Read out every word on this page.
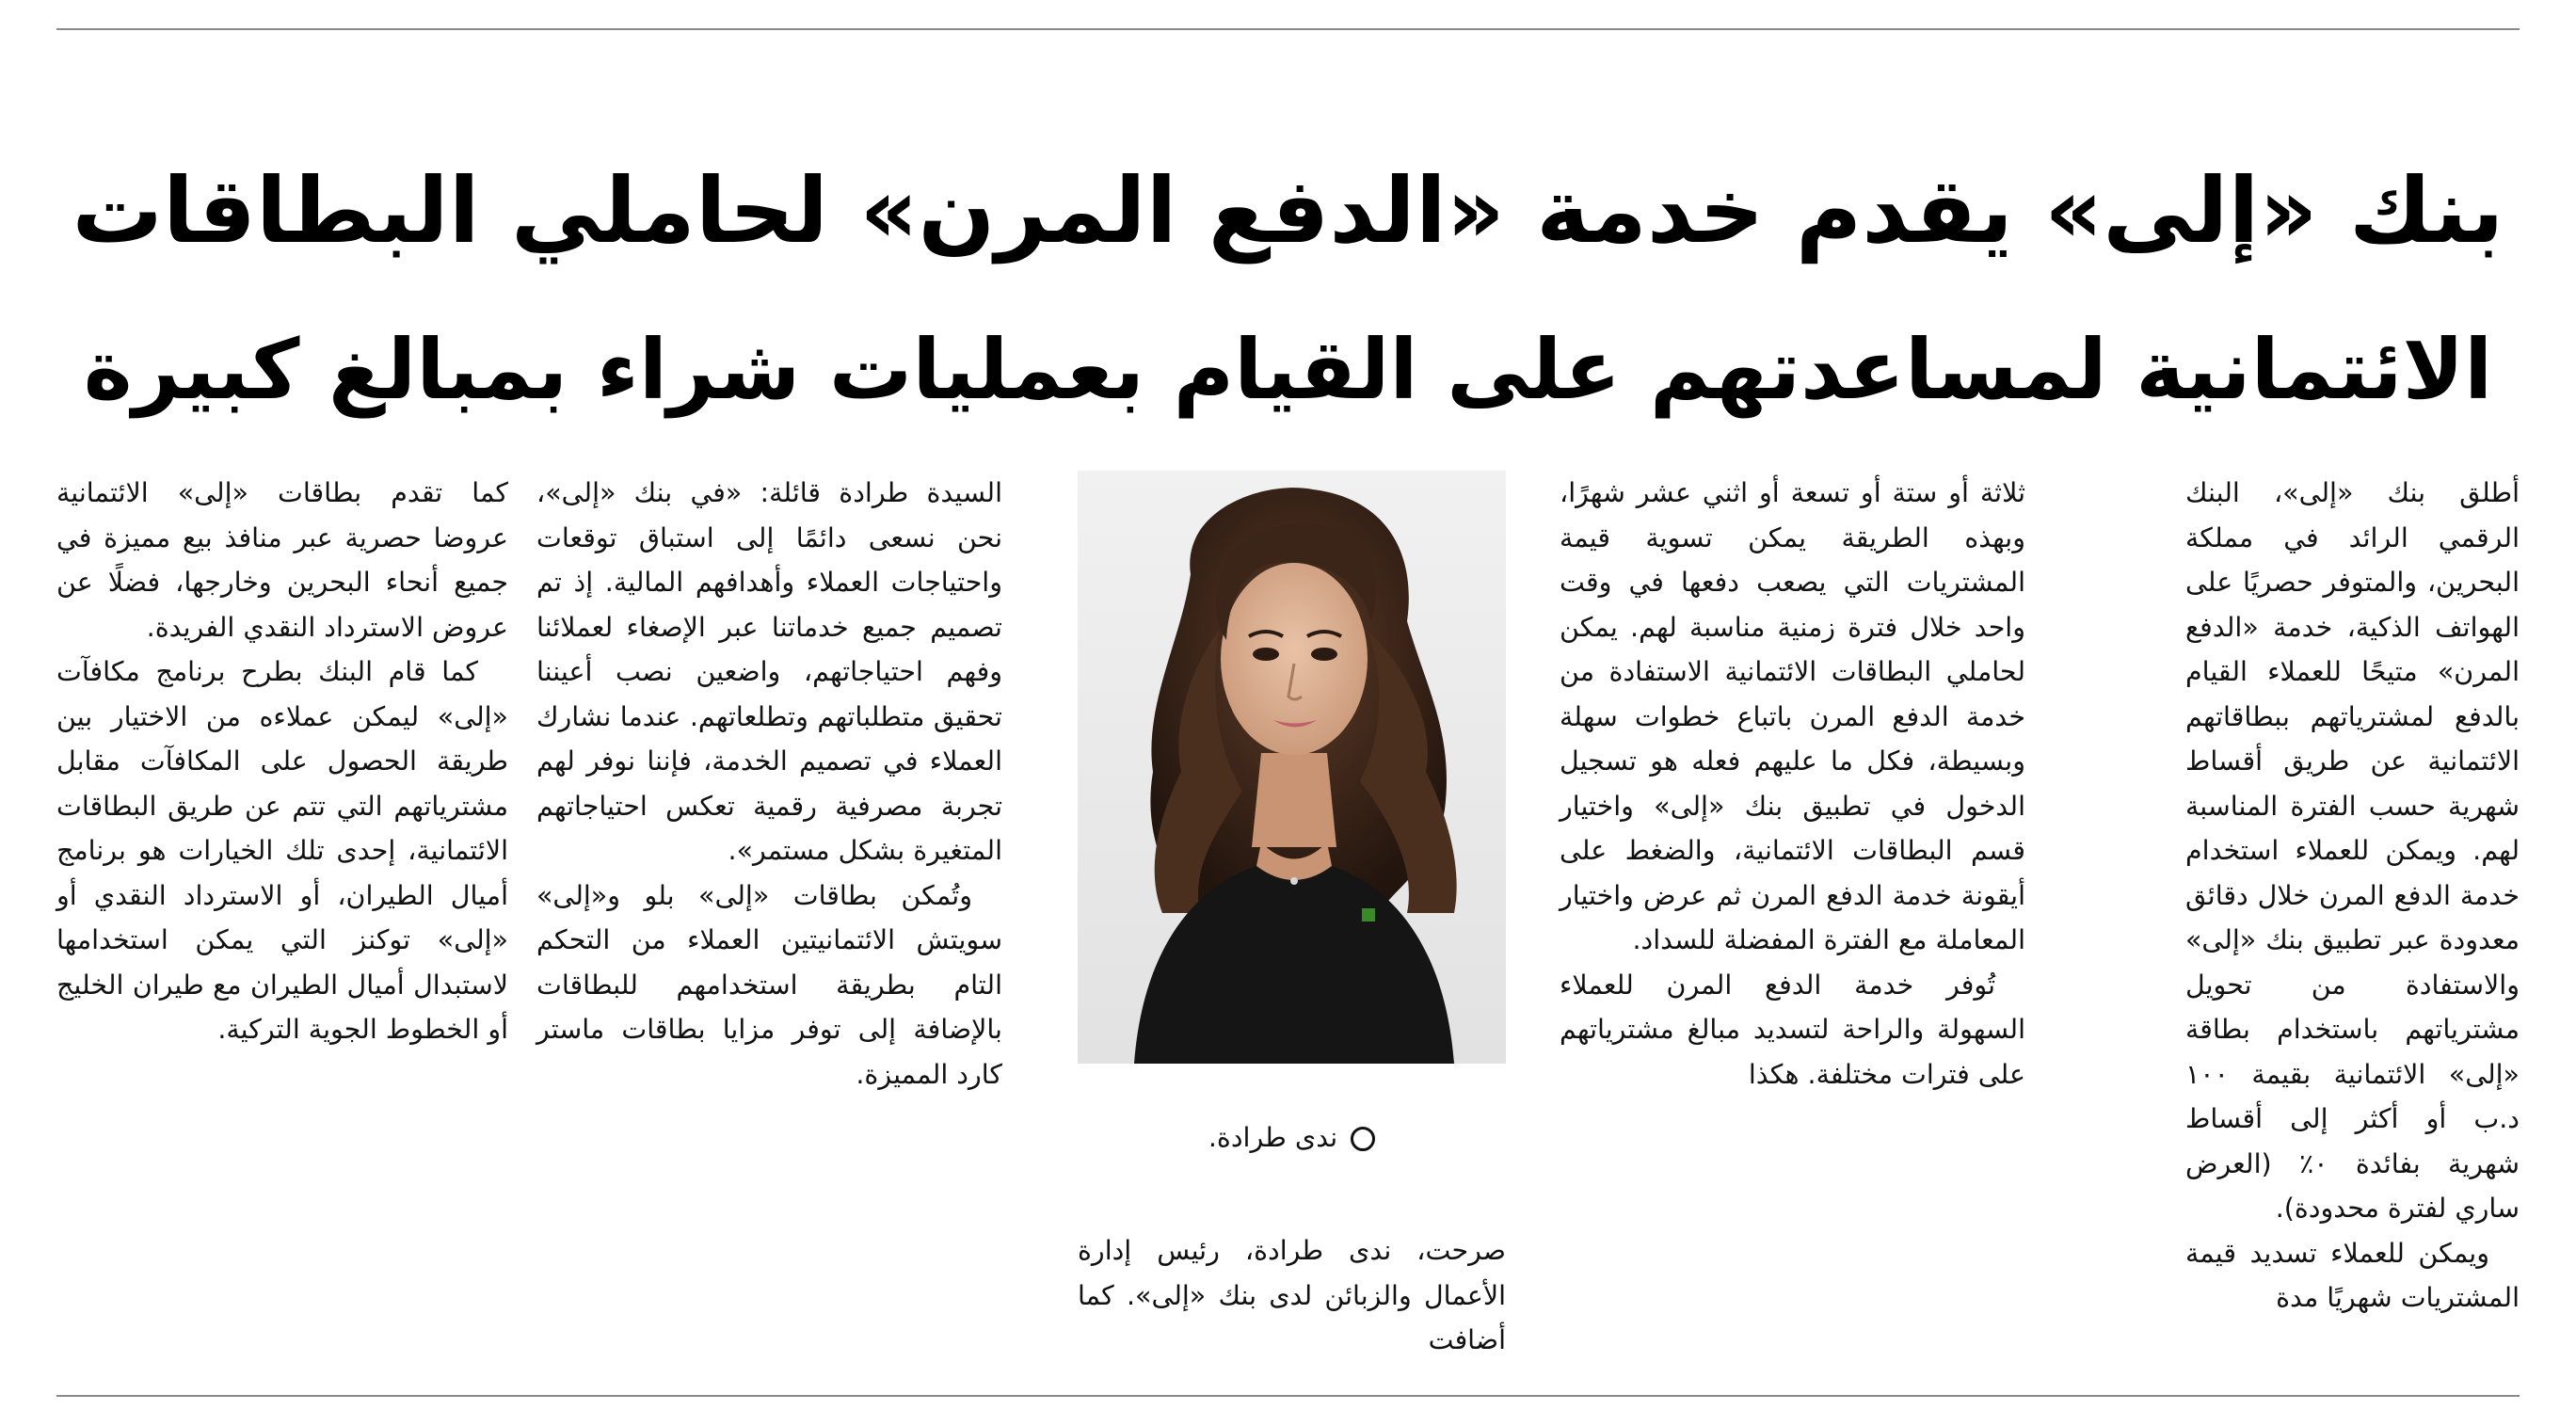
بنك «إلى» يقدم خدمة «الدفع المرن» لحاملي البطاقات
الائتمانية لمساعدتهم على القيام بعمليات شراء بمبالغ كبيرة

أطلق بنك «إلى»، البنك الرقمي الرائد في مملكة البحرين، والمتوفر حصريًا على الهواتف الذكية، خدمة «الدفع المرن» متيحًا للعملاء القيام بالدفع لمشترياتهم ببطاقاتهم الائتمانية عن طريق أقساط شهرية حسب الفترة المناسبة لهم. ويمكن للعملاء استخدام خدمة الدفع المرن خلال دقائق معدودة عبر تطبيق بنك «إلى» والاستفادة من تحويل مشترياتهم باستخدام بطاقة «إلى» الائتمانية بقيمة ١٠٠ د.ب أو أكثر إلى أقساط شهرية بفائدة ٠٪ (العرض ساري لفترة محدودة).

ويمكن للعملاء تسديد قيمة المشتريات شهريًا مدة

ثلاثة أو ستة أو تسعة أو اثني عشر شهرًا، وبهذه الطريقة يمكن تسوية قيمة المشتريات التي يصعب دفعها في وقت واحد خلال فترة زمنية مناسبة لهم. يمكن لحاملي البطاقات الائتمانية الاستفادة من خدمة الدفع المرن باتباع خطوات سهلة وبسيطة، فكل ما عليهم فعله هو تسجيل الدخول في تطبيق بنك «إلى» واختيار قسم البطاقات الائتمانية، والضغط على أيقونة خدمة الدفع المرن ثم عرض واختيار المعاملة مع الفترة المفضلة للسداد.

تُوفر خدمة الدفع المرن للعملاء السهولة والراحة لتسديد مبالغ مشترياتهم على فترات مختلفة. هكذا

ندى طرادة.
صرحت، ندى طرادة، رئيس إدارة الأعمال والزبائن لدى بنك «إلى». كما أضافت

السيدة طرادة قائلة: «في بنك «إلى»، نحن نسعى دائمًا إلى استباق توقعات واحتياجات العملاء وأهدافهم المالية. إذ تم تصميم جميع خدماتنا عبر الإصغاء لعملائنا وفهم احتياجاتهم، واضعين نصب أعيننا تحقيق متطلباتهم وتطلعاتهم. عندما نشارك العملاء في تصميم الخدمة، فإننا نوفر لهم تجربة مصرفية رقمية تعكس احتياجاتهم المتغيرة بشكل مستمر».

وتُمكن بطاقات «إلى» بلو و«إلى» سويتش الائتمانيتين العملاء من التحكم التام بطريقة استخدامهم للبطاقات بالإضافة إلى توفر مزايا بطاقات ماستر كارد المميزة.

كما تقدم بطاقات «إلى» الائتمانية عروضا حصرية عبر منافذ بيع مميزة في جميع أنحاء البحرين وخارجها، فضلًا عن عروض الاسترداد النقدي الفريدة.

كما قام البنك بطرح برنامج مكافآت «إلى» ليمكن عملاءه من الاختيار بين طريقة الحصول على المكافآت مقابل مشترياتهم التي تتم عن طريق البطاقات الائتمانية، إحدى تلك الخيارات هو برنامج أميال الطيران، أو الاسترداد النقدي أو «إلى» توكنز التي يمكن استخدامها لاستبدال أميال الطيران مع طيران الخليج أو الخطوط الجوية التركية.
